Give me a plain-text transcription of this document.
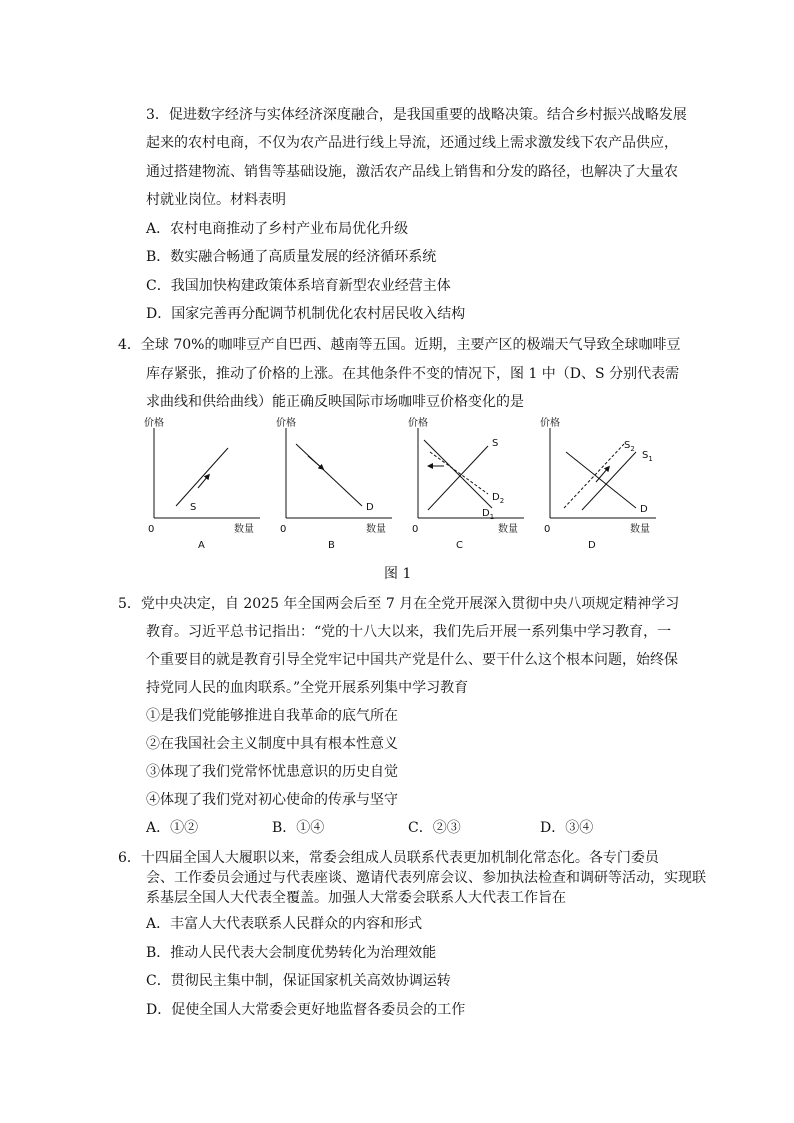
3．促进数字经济与实体经济深度融合，是我国重要的战略决策。结合乡村振兴战略发展
起来的农村电商，不仅为农产品进行线上导流，还通过线上需求激发线下农产品供应，
通过搭建物流、销售等基础设施，激活农产品线上销售和分发的路径，也解决了大量农
村就业岗位。材料表明
A．农村电商推动了乡村产业布局优化升级
B．数实融合畅通了高质量发展的经济循环系统
C．我国加快构建政策体系培育新型农业经营主体
D．国家完善再分配调节机制优化农村居民收入结构
4．全球 70%的咖啡豆产自巴西、越南等五国。近期，主要产区的极端天气导致全球咖啡豆
库存紧张，推动了价格的上涨。在其他条件不变的情况下，图 1 中（D、S 分别代表需
求曲线和供给曲线）能正确反映国际市场咖啡豆价格变化的是
价格
数量
0
S
A
价格
数量
0
D
B
价格
数量
0
S
$D_2$
$D_1$
C
价格
数量
0
$S_2$
$S_1$
D
D
图 1
5．党中央决定，自 2025 年全国两会后至 7 月在全党开展深入贯彻中央八项规定精神学习
教育。习近平总书记指出：“党的十八大以来，我们先后开展一系列集中学习教育，一
个重要目的就是教育引导全党牢记中国共产党是什么、要干什么这个根本问题，始终保
持党同人民的血肉联系。”全党开展系列集中学习教育
①是我们党能够推进自我革命的底气所在
②在我国社会主义制度中具有根本性意义
③体现了我们党常怀忧患意识的历史自觉
④体现了我们党对初心使命的传承与坚守
A．①②	B．①④	C．②③	D．③④
6．十四届全国人大履职以来，常委会组成人员联系代表更加机制化常态化。各专门委员
会、工作委员会通过与代表座谈、邀请代表列席会议、参加执法检查和调研等活动，实现联
系基层全国人大代表全覆盖。加强人大常委会联系人大代表工作旨在
A．丰富人大代表联系人民群众的内容和形式
B．推动人民代表大会制度优势转化为治理效能
C．贯彻民主集中制，保证国家机关高效协调运转
D．促使全国人大常委会更好地监督各委员会的工作
